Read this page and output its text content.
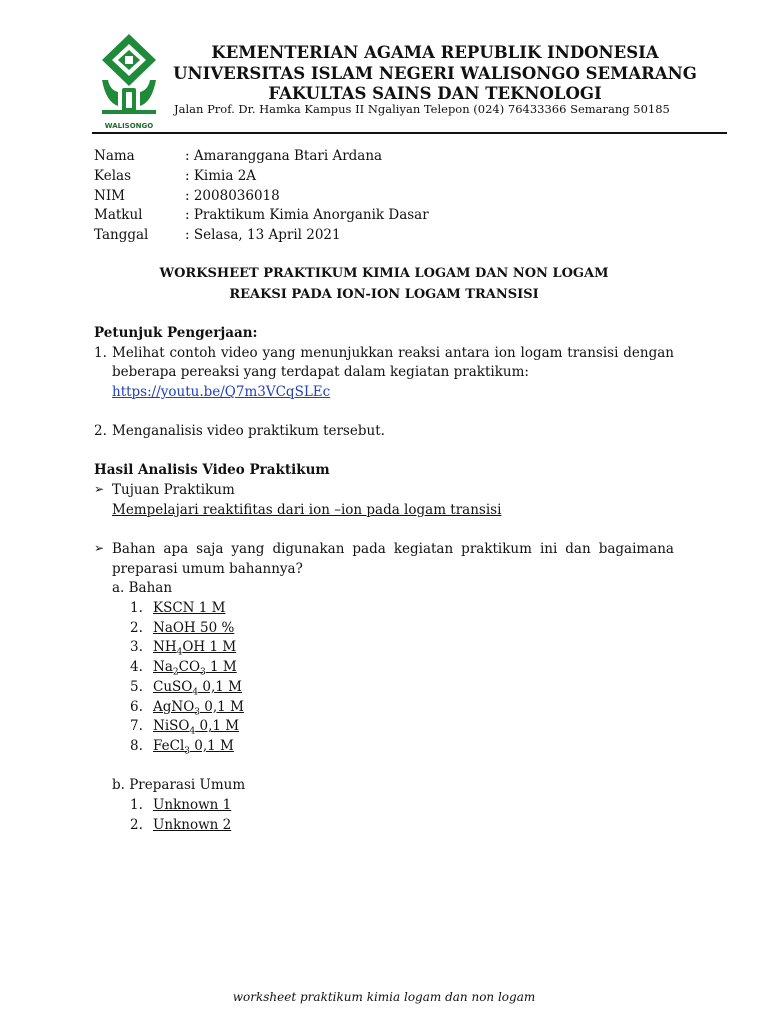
WALISONGO
KEMENTERIAN AGAMA REPUBLIK INDONESIA
UNIVERSITAS ISLAM NEGERI WALISONGO SEMARANG
FAKULTAS SAINS DAN TEKNOLOGI
Jalan Prof. Dr. Hamka Kampus II Ngaliyan Telepon (024) 76433366 Semarang 50185
Nama	: Amaranggana Btari Ardana
Kelas	: Kimia 2A
NIM	: 2008036018
Matkul	: Praktikum Kimia Anorganik Dasar
Tanggal	: Selasa, 13 April 2021
WORKSHEET PRAKTIKUM KIMIA LOGAM DAN NON LOGAM
REAKSI PADA ION-ION LOGAM TRANSISI
Petunjuk Pengerjaan:
1. Melihat contoh video yang menunjukkan reaksi antara ion logam transisi dengan
beberapa pereaksi yang terdapat dalam kegiatan praktikum:
https://youtu.be/Q7m3VCqSLEc
2. Menganalisis video praktikum tersebut.
Hasil Analisis Video Praktikum
➢ Tujuan Praktikum
Mempelajari reaktifitas dari ion –ion pada logam transisi
➢ Bahan apa saja yang digunakan pada kegiatan praktikum ini dan bagaimana
preparasi umum bahannya?
a. Bahan
1. KSCN 1 M
2. NaOH 50 %
3. $NH_4OH$ 1 M
4. $Na_2CO_3$ 1 M
5. CuSO$_4$ 0,1 M
6. AgNO$_3$ 0,1 M
7. NiSO$_4$ 0,1 M
8. FeCl$_3$ 0,1 M
b. Preparasi Umum
1. Unknown 1
2. Unknown 2
worksheet praktikum kimia logam dan non logam
